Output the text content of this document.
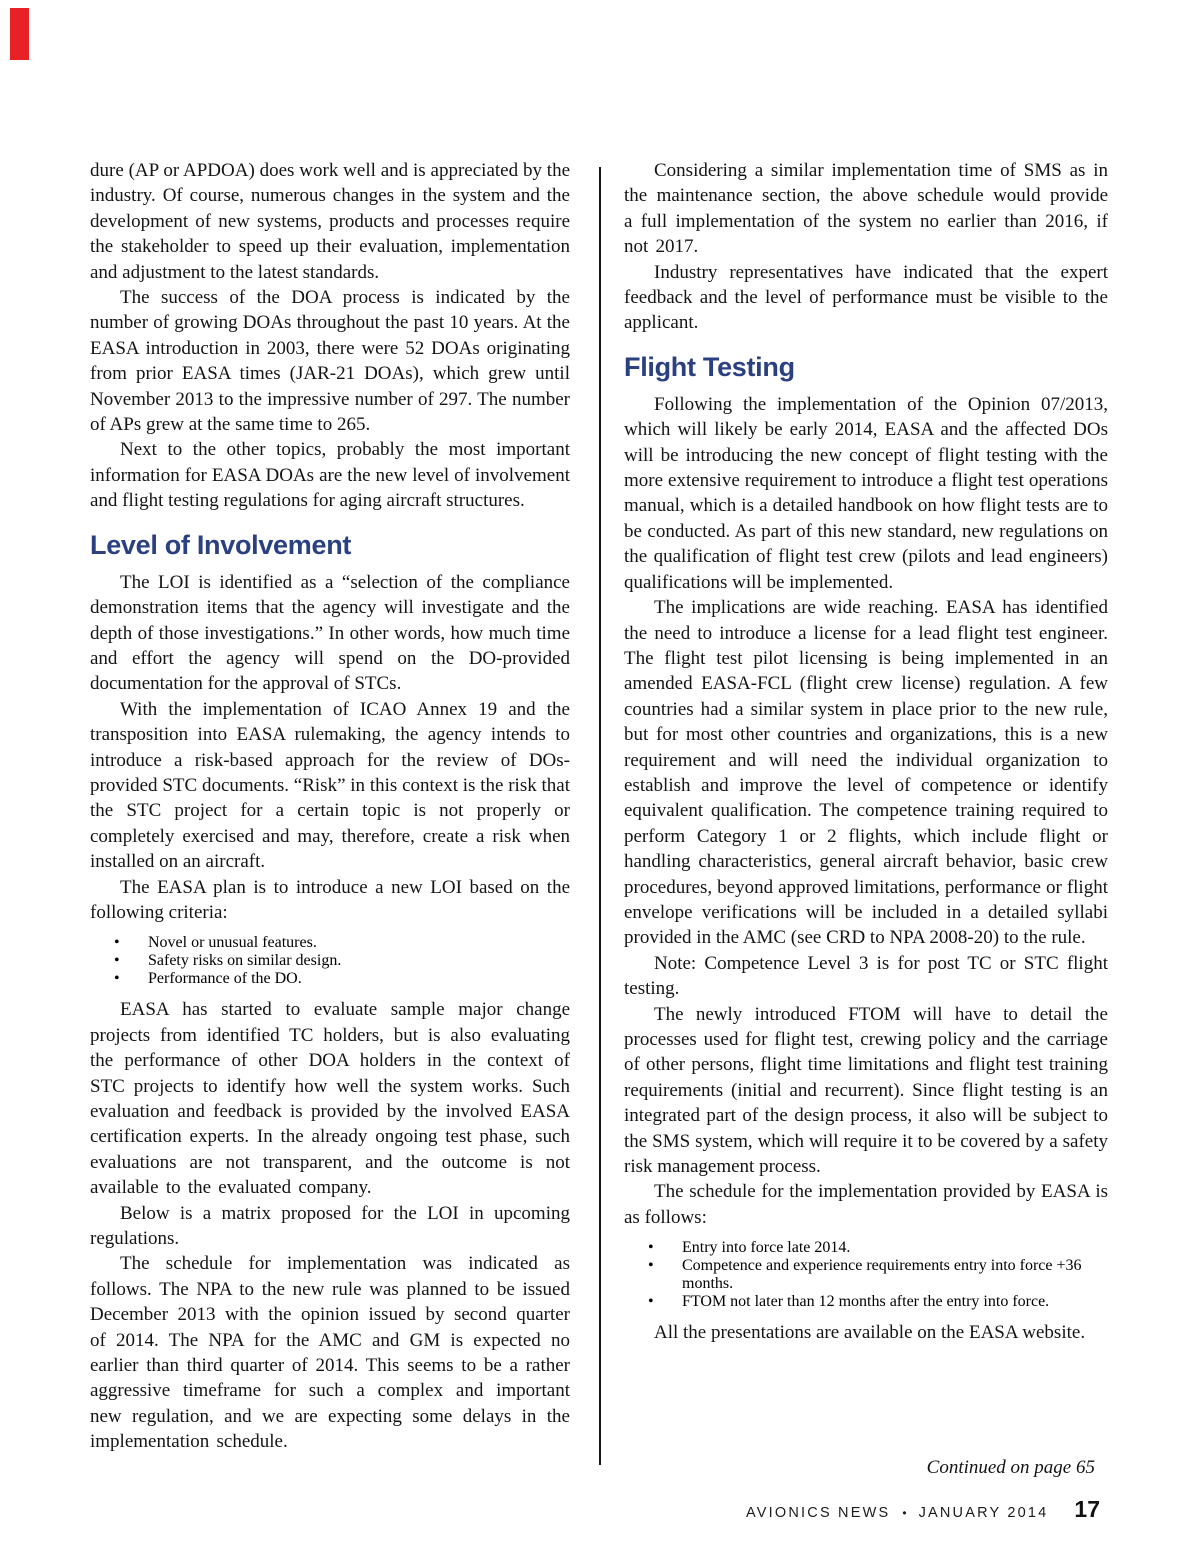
dure (AP or APDOA) does work well and is appreciated by the industry. Of course, numerous changes in the system and the development of new systems, products and processes require the stakeholder to speed up their evaluation, implementation and adjustment to the latest standards.

The success of the DOA process is indicated by the number of growing DOAs throughout the past 10 years. At the EASA introduction in 2003, there were 52 DOAs originating from prior EASA times (JAR-21 DOAs), which grew until November 2013 to the impressive number of 297. The number of APs grew at the same time to 265.

Next to the other topics, probably the most important information for EASA DOAs are the new level of involvement and flight testing regulations for aging aircraft structures.

Level of Involvement

The LOI is identified as a “selection of the compliance demonstration items that the agency will investigate and the depth of those investigations.” In other words, how much time and effort the agency will spend on the DO-provided documentation for the approval of STCs.

With the implementation of ICAO Annex 19 and the transposition into EASA rulemaking, the agency intends to introduce a risk-based approach for the review of DOs-provided STC documents. “Risk” in this context is the risk that the STC project for a certain topic is not properly or completely exercised and may, therefore, create a risk when installed on an aircraft.

The EASA plan is to introduce a new LOI based on the following criteria:

• Novel or unusual features.
• Safety risks on similar design.
• Performance of the DO.

EASA has started to evaluate sample major change projects from identified TC holders, but is also evaluating the performance of other DOA holders in the context of STC projects to identify how well the system works. Such evaluation and feedback is provided by the involved EASA certification experts. In the already ongoing test phase, such evaluations are not transparent, and the outcome is not available to the evaluated company.

Below is a matrix proposed for the LOI in upcoming regulations.

The schedule for implementation was indicated as follows. The NPA to the new rule was planned to be issued December 2013 with the opinion issued by second quarter of 2014. The NPA for the AMC and GM is expected no earlier than third quarter of 2014. This seems to be a rather aggressive timeframe for such a complex and important new regulation, and we are expecting some delays in the implementation schedule.

Considering a similar implementation time of SMS as in the maintenance section, the above schedule would provide a full implementation of the system no earlier than 2016, if not 2017.

Industry representatives have indicated that the expert feedback and the level of performance must be visible to the applicant.

Flight Testing

Following the implementation of the Opinion 07/2013, which will likely be early 2014, EASA and the affected DOs will be introducing the new concept of flight testing with the more extensive requirement to introduce a flight test operations manual, which is a detailed handbook on how flight tests are to be conducted. As part of this new standard, new regulations on the qualification of flight test crew (pilots and lead engineers) qualifications will be implemented.

The implications are wide reaching. EASA has identified the need to introduce a license for a lead flight test engineer. The flight test pilot licensing is being implemented in an amended EASA-FCL (flight crew license) regulation. A few countries had a similar system in place prior to the new rule, but for most other countries and organizations, this is a new requirement and will need the individual organization to establish and improve the level of competence or identify equivalent qualification. The competence training required to perform Category 1 or 2 flights, which include flight or handling characteristics, general aircraft behavior, basic crew procedures, beyond approved limitations, performance or flight envelope verifications will be included in a detailed syllabi provided in the AMC (see CRD to NPA 2008-20) to the rule.

Note: Competence Level 3 is for post TC or STC flight testing.

The newly introduced FTOM will have to detail the processes used for flight test, crewing policy and the carriage of other persons, flight time limitations and flight test training requirements (initial and recurrent). Since flight testing is an integrated part of the design process, it also will be subject to the SMS system, which will require it to be covered by a safety risk management process.

The schedule for the implementation provided by EASA is as follows:

• Entry into force late 2014.
• Competence and experience requirements entry into force +36 months.
• FTOM not later than 12 months after the entry into force.

All the presentations are available on the EASA website.

Continued on page 65

AVIONICS NEWS • JANUARY 2014 17
